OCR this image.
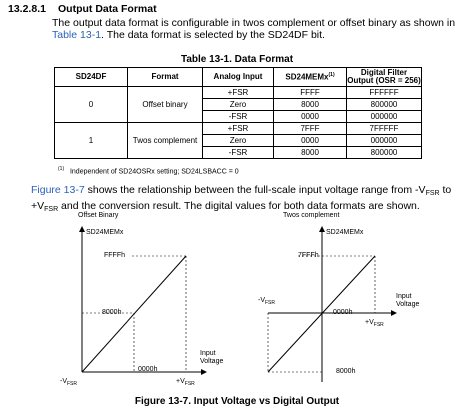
13.2.8.1 Output Data Format
The output data format is configurable in twos complement or offset binary as shown in Table 13-1. The data format is selected by the SD24DF bit.
Table 13-1. Data Format
SD24DF	Format	Analog Input	SD24MEMx$^{(1)}$	Digital Filter
Output (OSR = 256)
0	Offset binary	+FSR	FFFF	FFFFFF
		Zero	8000	800000
		-FSR	0000	000000
1	Twos complement	+FSR	7FFF	7FFFFF
		Zero	0000	000000
		-FSR	8000	800000
$^{(1)}$ Independent of SD24OSRx setting; SD24LSBACC = 0
Figure 13-7 shows the relationship between the full-scale input voltage range from $-V_{FSR}$ to $+V_{FSR}$ and the conversion result. The digital values for both data formats are shown.
Offset Binary
SD24MEMx
FFFFh
8000h
0000h
Input
Voltage
$-V_{FSR}$	$+V_{FSR}$
Twos complement
SD24MEMx
7FFFh
0000h
8000h
Input
Voltage
$-V_{FSR}$
$+V_{FSR}$
Figure 13-7. Input Voltage vs Digital Output
